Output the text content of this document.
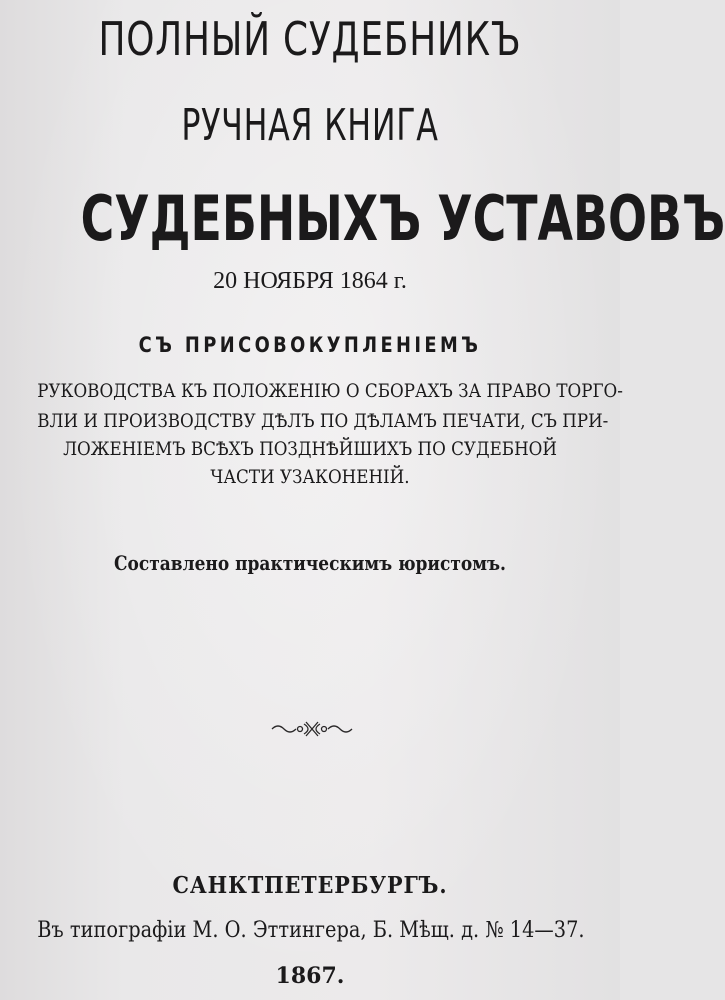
ПОЛНЫЙ СУДЕБНИКЪ
РУЧНАЯ КНИГА
СУДЕБНЫХЪ УСТАВОВЪ

20 НОЯБРЯ 1864 г.

СЪ ПРИСОВОКУПЛЕНІЕМЪ

РУКОВОДСТВА КЪ ПОЛОЖЕНІЮ О СБОРАХЪ ЗА ПРАВО ТОРГО-

ВЛИ И ПРОИЗВОДСТВУ ДѢЛЪ ПО ДѢЛАМЪ ПЕЧАТИ, СЪ ПРИ-

ЛОЖЕНІЕМЪ ВСѢХЪ ПОЗДНѢЙШИХЪ ПО СУДЕБНОЙ

ЧАСТИ УЗАКОНЕНІЙ.

Составлено практическимъ юристомъ.

САНКТПЕТЕРБУРГЪ.

Въ типографіи М. О. Эттингера, Б. Мѣщ. д. № 14—37.

1867.
